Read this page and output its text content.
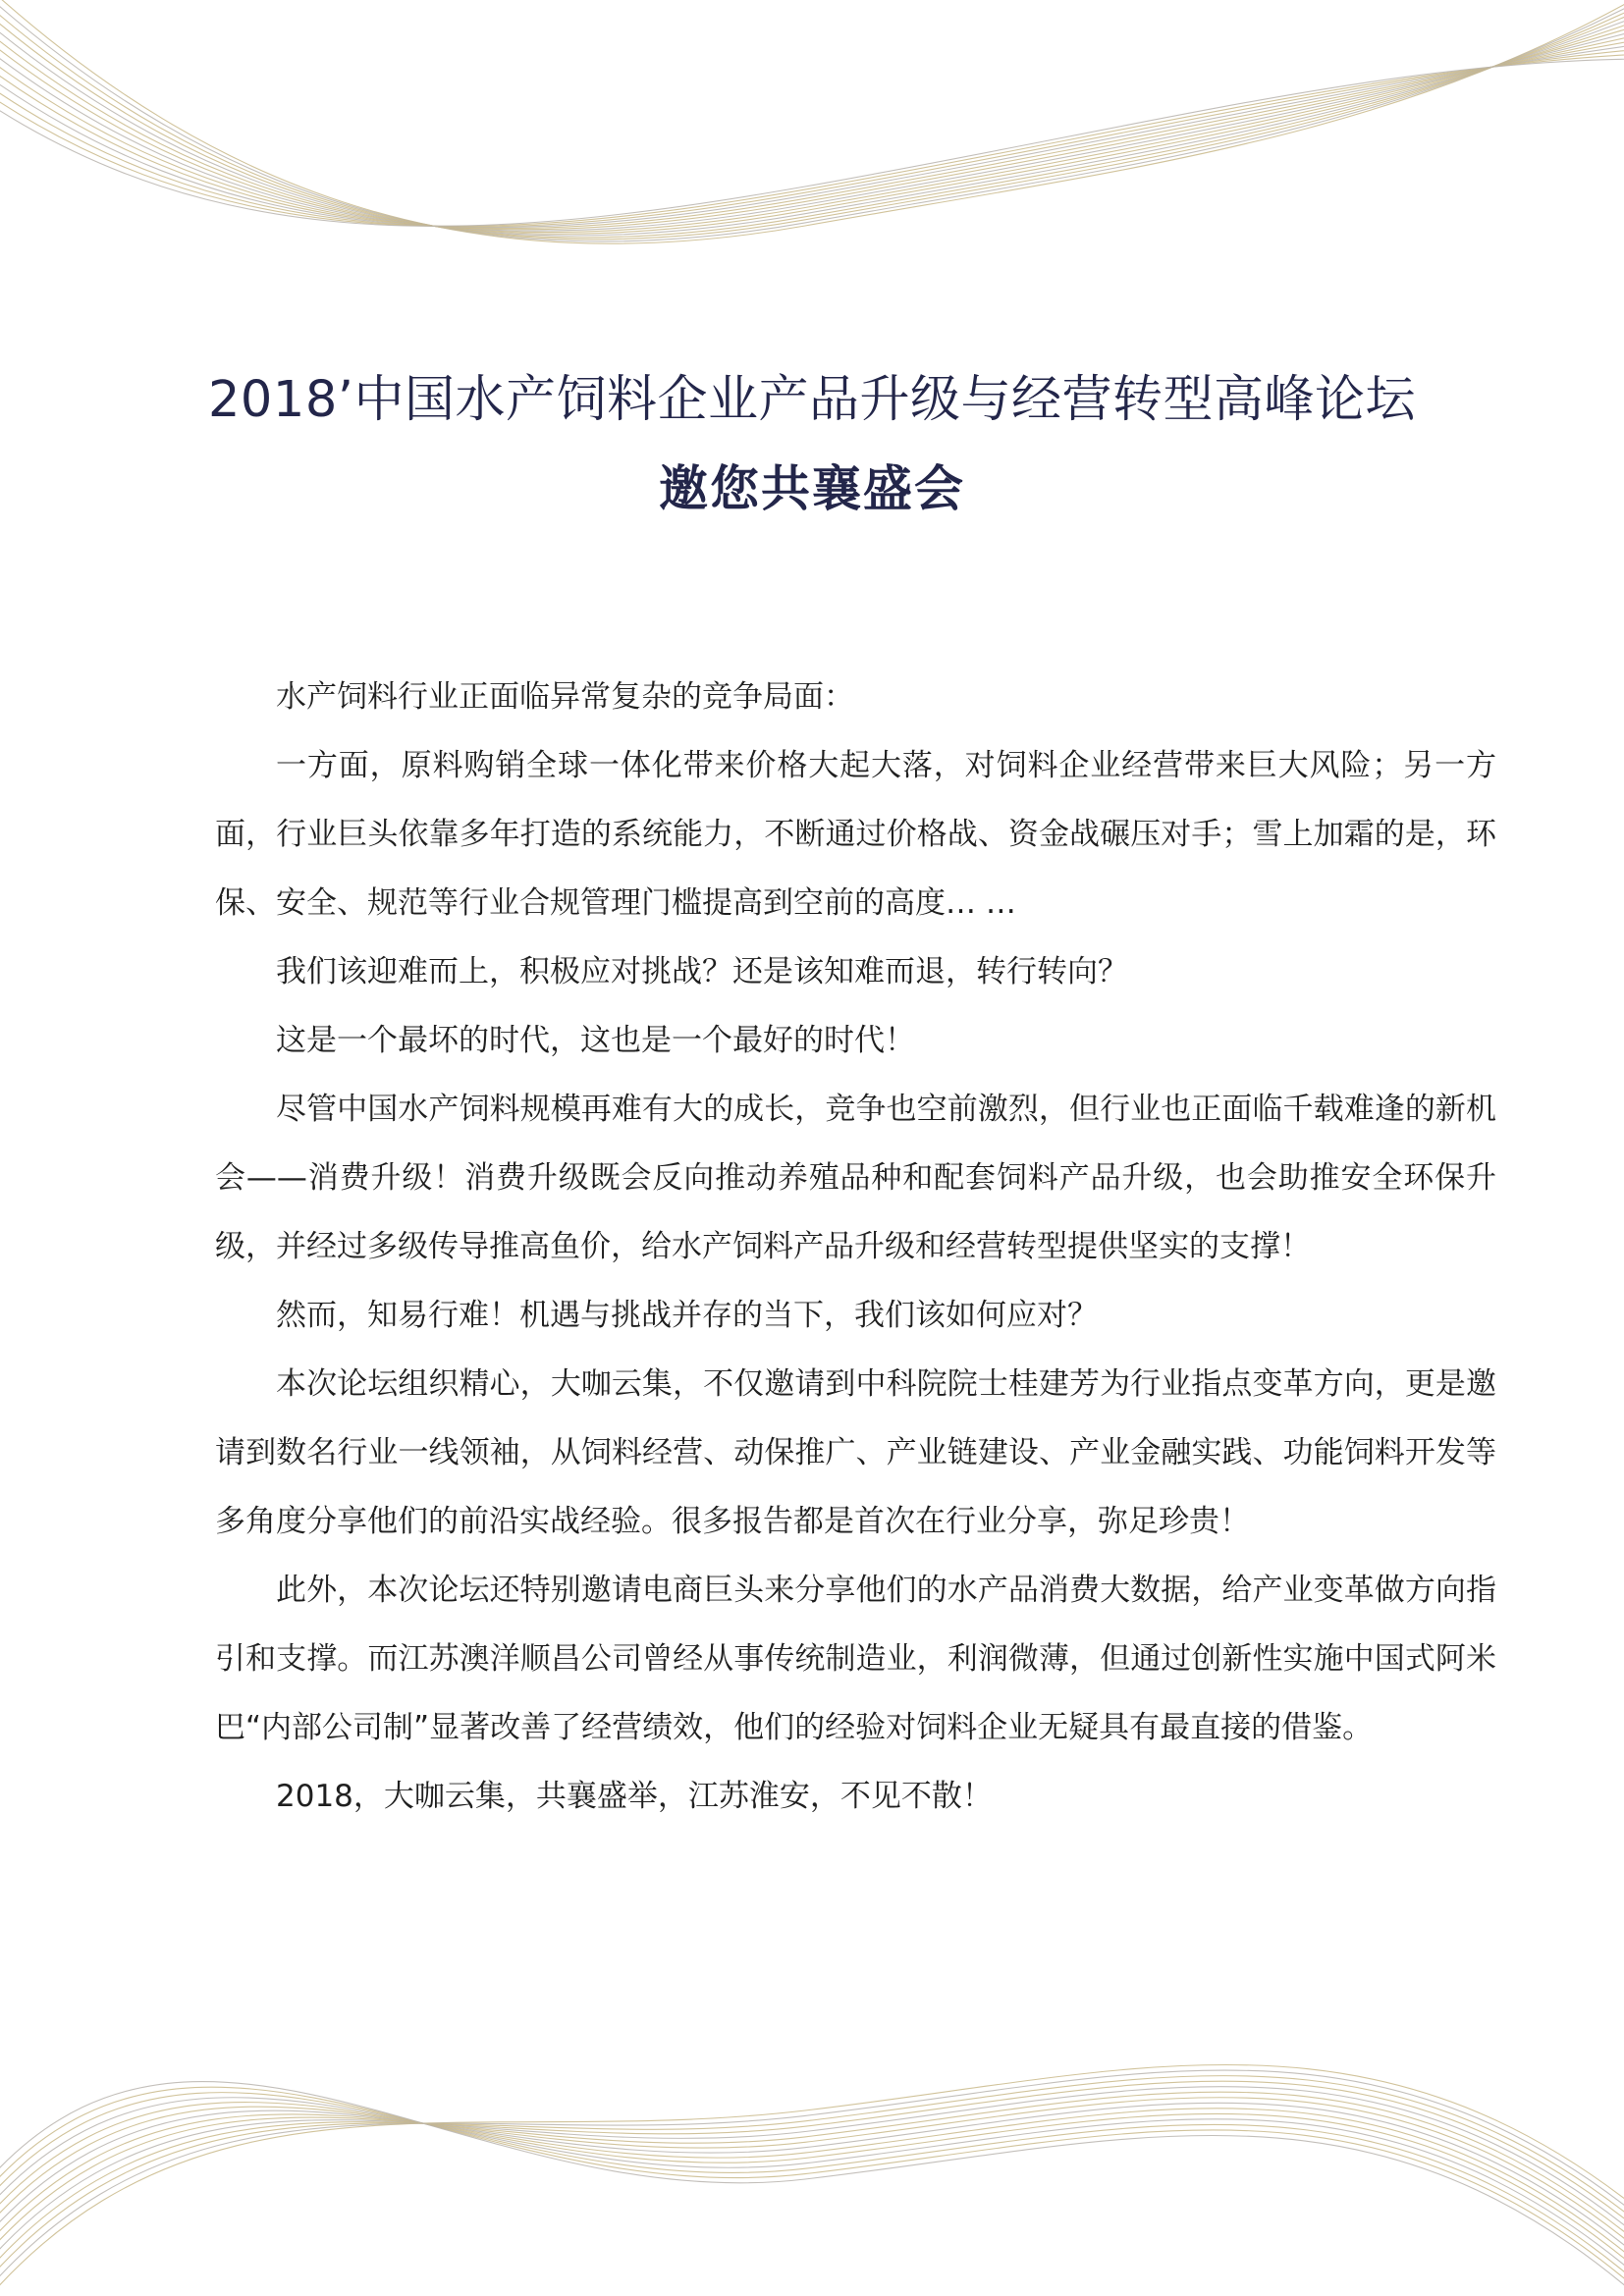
2018’中国水产饲料企业产品升级与经营转型高峰论坛
邀您共襄盛会

水产饲料行业正面临异常复杂的竞争局面：

一方面，原料购销全球一体化带来价格大起大落，对饲料企业经营带来巨大风险；另一方面，行业巨头依靠多年打造的系统能力，不断通过价格战、资金战碾压对手；雪上加霜的是，环保、安全、规范等行业合规管理门槛提高到空前的高度… …

我们该迎难而上，积极应对挑战？还是该知难而退，转行转向？

这是一个最坏的时代，这也是一个最好的时代！

尽管中国水产饲料规模再难有大的成长，竞争也空前激烈，但行业也正面临千载难逢的新机会——消费升级！消费升级既会反向推动养殖品种和配套饲料产品升级，也会助推安全环保升级，并经过多级传导推高鱼价，给水产饲料产品升级和经营转型提供坚实的支撑！

然而，知易行难！机遇与挑战并存的当下，我们该如何应对？

本次论坛组织精心，大咖云集，不仅邀请到中科院院士桂建芳为行业指点变革方向，更是邀请到数名行业一线领袖，从饲料经营、动保推广、产业链建设、产业金融实践、功能饲料开发等多角度分享他们的前沿实战经验。很多报告都是首次在行业分享，弥足珍贵！

此外，本次论坛还特别邀请电商巨头来分享他们的水产品消费大数据，给产业变革做方向指引和支撑。而江苏澳洋顺昌公司曾经从事传统制造业，利润微薄，但通过创新性实施中国式阿米巴“内部公司制”显著改善了经营绩效，他们的经验对饲料企业无疑具有最直接的借鉴。

2018，大咖云集，共襄盛举，江苏淮安，不见不散！
